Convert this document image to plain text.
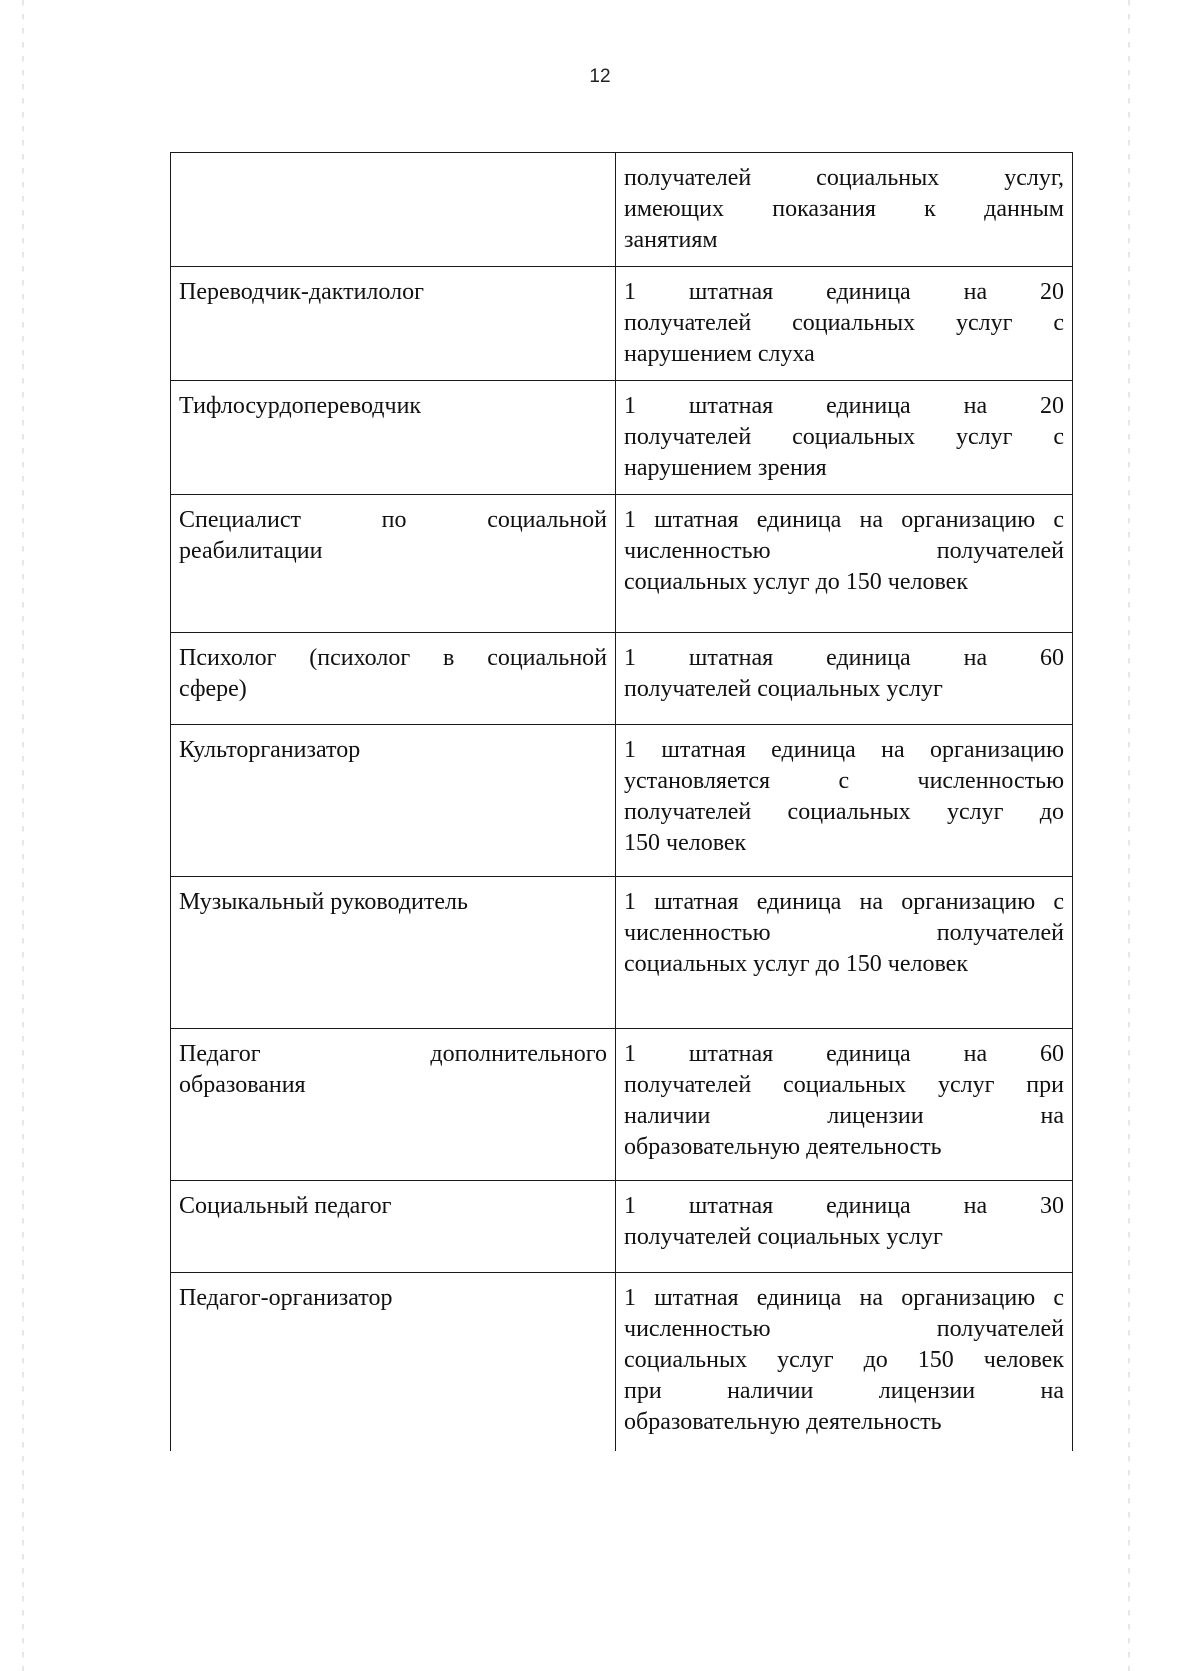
12

	получателей социальных услуг,
имеющих показания к данным
занятиям

Переводчик-дактилолог	1 штатная единица на 20
получателей социальных услуг с
нарушением слуха

Тифлосурдопереводчик	1 штатная единица на 20
получателей социальных услуг с
нарушением зрения

Специалист по социальной
реабилитации	1 штатная единица на организацию с
численностью получателей
социальных услуг до 150 человек

Психолог (психолог в социальной
сфере)	1 штатная единица на 60
получателей социальных услуг

Культорганизатор	1 штатная единица на организацию
установляется с численностью
получателей социальных услуг до
150 человек

Музыкальный руководитель	1 штатная единица на организацию с
численностью получателей
социальных услуг до 150 человек

Педагог дополнительного
образования	1 штатная единица на 60
получателей социальных услуг при
наличии лицензии на
образовательную деятельность

Социальный педагог	1 штатная единица на 30
получателей социальных услуг

Педагог-организатор	1 штатная единица на организацию с
численностью получателей
социальных услуг до 150 человек
при наличии лицензии на
образовательную деятельность
